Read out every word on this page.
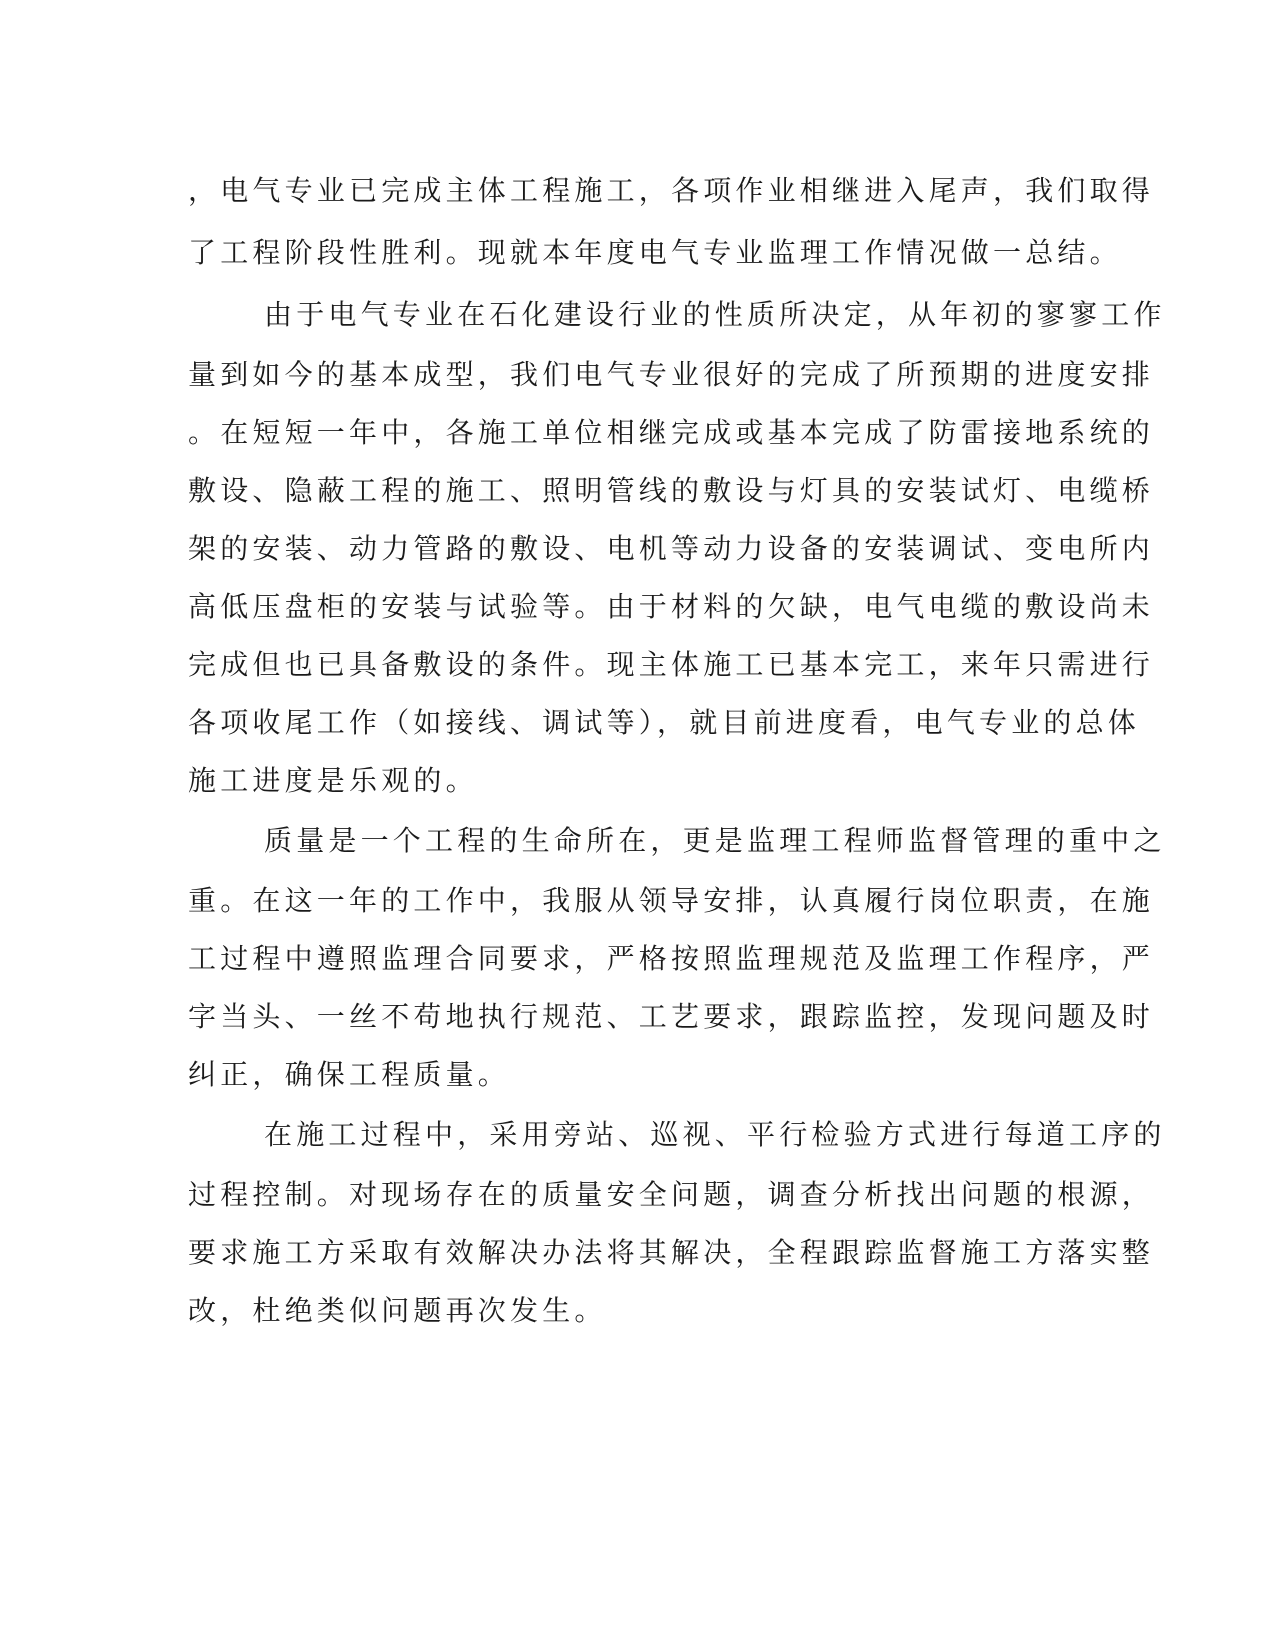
，电气专业已完成主体工程施工，各项作业相继进入尾声，我们取得
了工程阶段性胜利。现就本年度电气专业监理工作情况做一总结。
由于电气专业在石化建设行业的性质所决定，从年初的寥寥工作
量到如今的基本成型，我们电气专业很好的完成了所预期的进度安排
。在短短一年中，各施工单位相继完成或基本完成了防雷接地系统的
敷设、隐蔽工程的施工、照明管线的敷设与灯具的安装试灯、电缆桥
架的安装、动力管路的敷设、电机等动力设备的安装调试、变电所内
高低压盘柜的安装与试验等。由于材料的欠缺，电气电缆的敷设尚未
完成但也已具备敷设的条件。现主体施工已基本完工，来年只需进行
各项收尾工作（如接线、调试等），就目前进度看，电气专业的总体
施工进度是乐观的。
质量是一个工程的生命所在，更是监理工程师监督管理的重中之
重。在这一年的工作中，我服从领导安排，认真履行岗位职责，在施
工过程中遵照监理合同要求，严格按照监理规范及监理工作程序，严
字当头、一丝不苟地执行规范、工艺要求，跟踪监控，发现问题及时
纠正，确保工程质量。
在施工过程中，采用旁站、巡视、平行检验方式进行每道工序的
过程控制。对现场存在的质量安全问题，调查分析找出问题的根源，
要求施工方采取有效解决办法将其解决，全程跟踪监督施工方落实整
改，杜绝类似问题再次发生。
